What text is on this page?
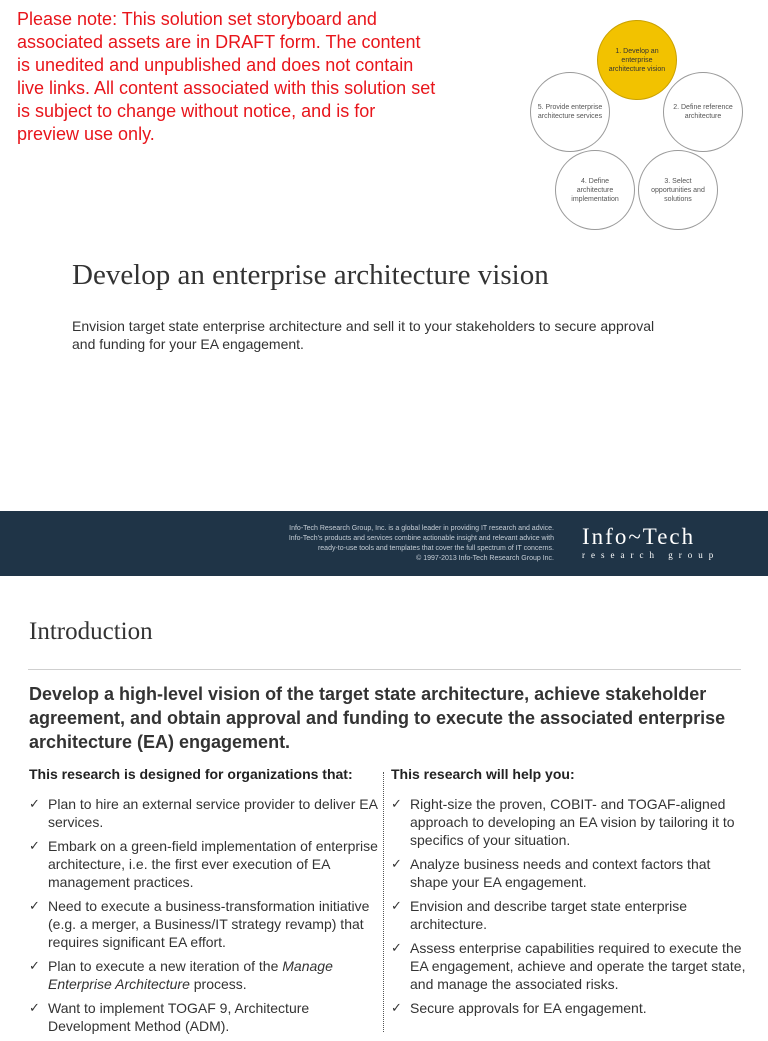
Please note: This solution set storyboard and associated assets are in DRAFT form. The content is unedited and unpublished and does not contain live links. All content associated with this solution set is subject to change without notice, and is for preview use only.
1. Develop an enterprise architecture vision
2. Define reference architecture
3. Select opportunities and solutions
4. Define architecture implementation
5. Provide enterprise architecture services
Develop an enterprise architecture vision
Envision target state enterprise architecture and sell it to your stakeholders to secure approval and funding for your EA engagement.
Info-Tech Research Group, Inc. is a global leader in providing IT research and advice.
Info-Tech's products and services combine actionable insight and relevant advice with
ready-to-use tools and templates that cover the full spectrum of IT concerns.
© 1997-2013 Info-Tech Research Group Inc.
Info~Tech
research group
Introduction
Develop a high-level vision of the target state architecture, achieve stakeholder agreement, and obtain approval and funding to execute the associated enterprise architecture (EA) engagement.
This research is designed for organizations that:	This research will help you:
✓ Plan to hire an external service provider to deliver EA services.
✓ Embark on a green-field implementation of enterprise architecture, i.e. the first ever execution of EA management practices.
✓ Need to execute a business-transformation initiative (e.g. a merger, a Business/IT strategy revamp) that requires significant EA effort.
✓ Plan to execute a new iteration of the Manage Enterprise Architecture process.
✓ Want to implement TOGAF 9, Architecture Development Method (ADM).
✓ Right-size the proven, COBIT- and TOGAF-aligned approach to developing an EA vision by tailoring it to specifics of your situation.
✓ Analyze business needs and context factors that shape your EA engagement.
✓ Envision and describe target state enterprise architecture.
✓ Assess enterprise capabilities required to execute the EA engagement, achieve and operate the target state, and manage the associated risks.
✓ Secure approvals for EA engagement.
